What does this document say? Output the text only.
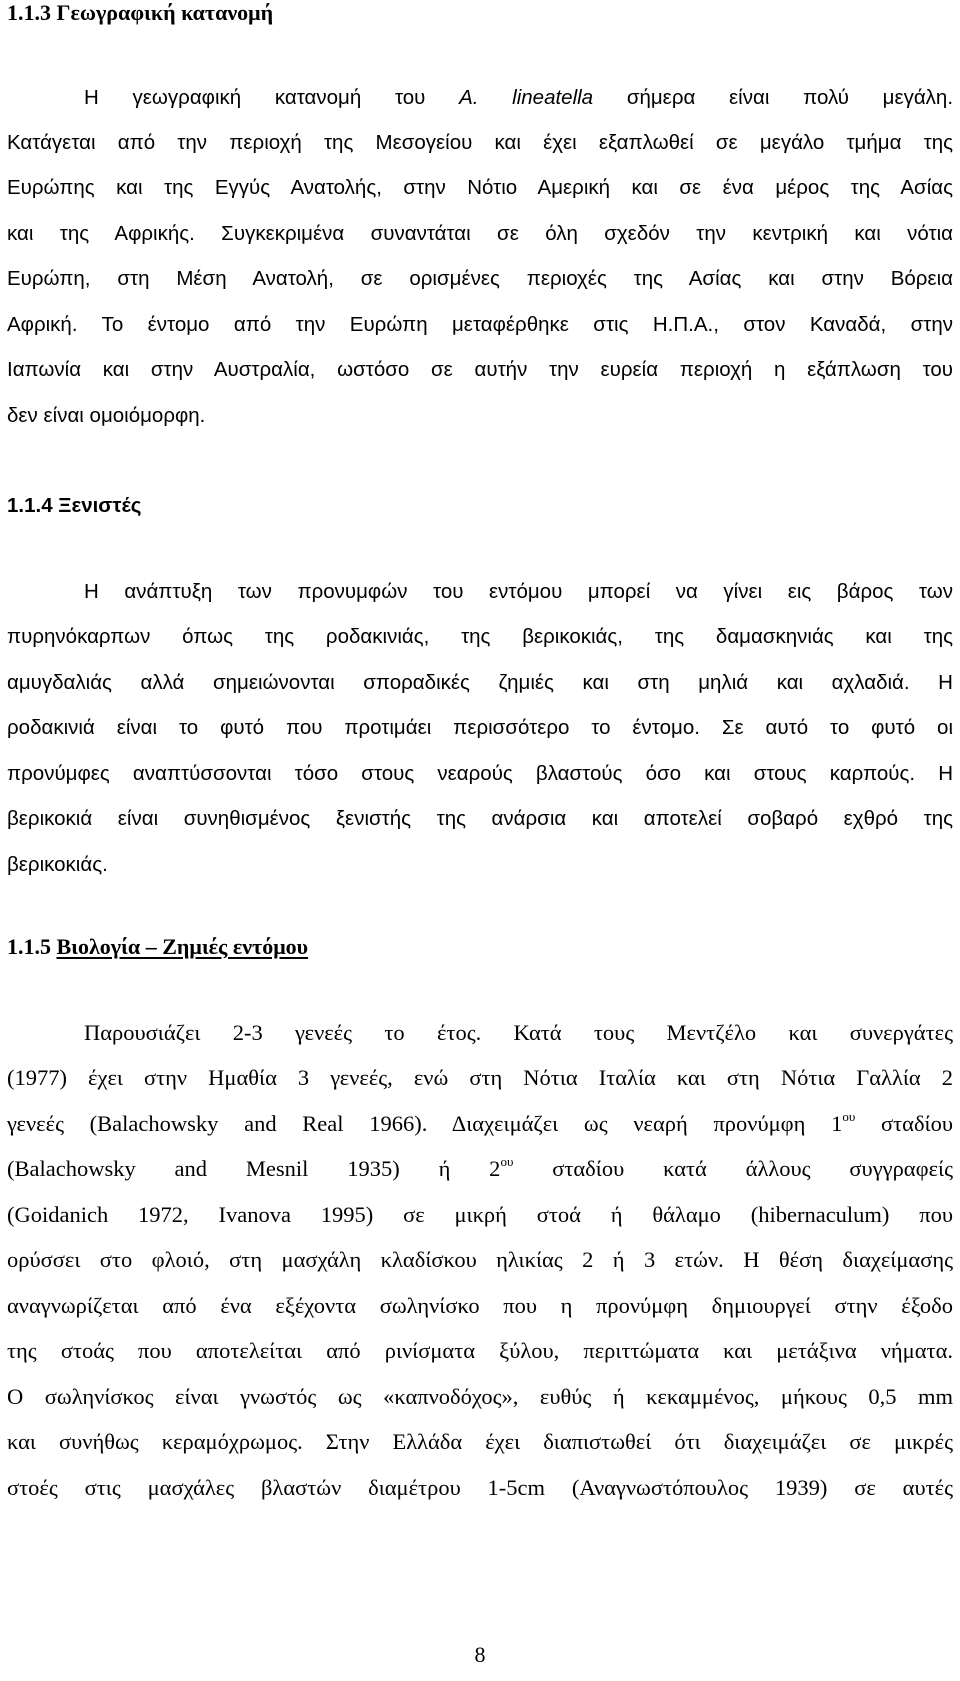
1.1.3 Γεωγραφική κατανομή
Η γεωγραφική κατανομή του A. lineatella σήμερα είναι πολύ μεγάλη.
Κατάγεται από την περιοχή της Μεσογείου και έχει εξαπλωθεί σε μεγάλο τμήμα της
Ευρώπης και της Εγγύς Ανατολής, στην Νότιο Αμερική και σε ένα μέρος της Ασίας
και της Αφρικής. Συγκεκριμένα συναντάται σε όλη σχεδόν την κεντρική και νότια
Ευρώπη, στη Μέση Ανατολή, σε ορισμένες περιοχές της Ασίας και στην Βόρεια
Αφρική. Το έντομο από την Ευρώπη μεταφέρθηκε στις Η.Π.Α., στον Καναδά, στην
Ιαπωνία και στην Αυστραλία, ωστόσο σε αυτήν την ευρεία περιοχή η εξάπλωση του
δεν είναι ομοιόμορφη.
1.1.4 Ξενιστές
Η ανάπτυξη των προνυμφών του εντόμου μπορεί να γίνει εις βάρος των
πυρηνόκαρπων όπως της ροδακινιάς, της βερικοκιάς, της δαμασκηνιάς και της
αμυγδαλιάς αλλά σημειώνονται σποραδικές ζημιές και στη μηλιά και αχλαδιά. Η
ροδακινιά είναι το φυτό που προτιμάει περισσότερο το έντομο. Σε αυτό το φυτό οι
προνύμφες αναπτύσσονται τόσο στους νεαρούς βλαστούς όσο και στους καρπούς. Η
βερικοκιά είναι συνηθισμένος ξενιστής της ανάρσια και αποτελεί σοβαρό εχθρό της
βερικοκιάς.
1.1.5 Βιολογία – Ζημιές εντόμου
Παρουσιάζει 2-3 γενεές το έτος. Κατά τους Μεντζέλο και συνεργάτες
(1977) έχει στην Ημαθία 3 γενεές, ενώ στη Νότια Ιταλία και στη Νότια Γαλλία 2
γενεές (Balachowsky and Real 1966). Διαχειμάζει ως νεαρή προνύμφη $1^{o\upsilon}$ σταδίου
(Balachowsky and Mesnil 1935) ή $2^{o\upsilon}$ σταδίου κατά άλλους συγγραφείς
(Goidanich 1972, Ivanova 1995) σε μικρή στοά ή θάλαμο (hibernaculum) που
ορύσσει στο φλοιό, στη μασχάλη κλαδίσκου ηλικίας 2 ή 3 ετών. Η θέση διαχείμασης
αναγνωρίζεται από ένα εξέχοντα σωληνίσκο που η προνύμφη δημιουργεί στην έξοδο
της στοάς που αποτελείται από ρινίσματα ξύλου, περιττώματα και μετάξινα νήματα.
Ο σωληνίσκος είναι γνωστός ως «καπνοδόχος», ευθύς ή κεκαμμένος, μήκους 0,5 mm
και συνήθως κεραμόχρωμος. Στην Ελλάδα έχει διαπιστωθεί ότι διαχειμάζει σε μικρές
στοές στις μασχάλες βλαστών διαμέτρου 1-5cm (Αναγνωστόπουλος 1939) σε αυτές
8
